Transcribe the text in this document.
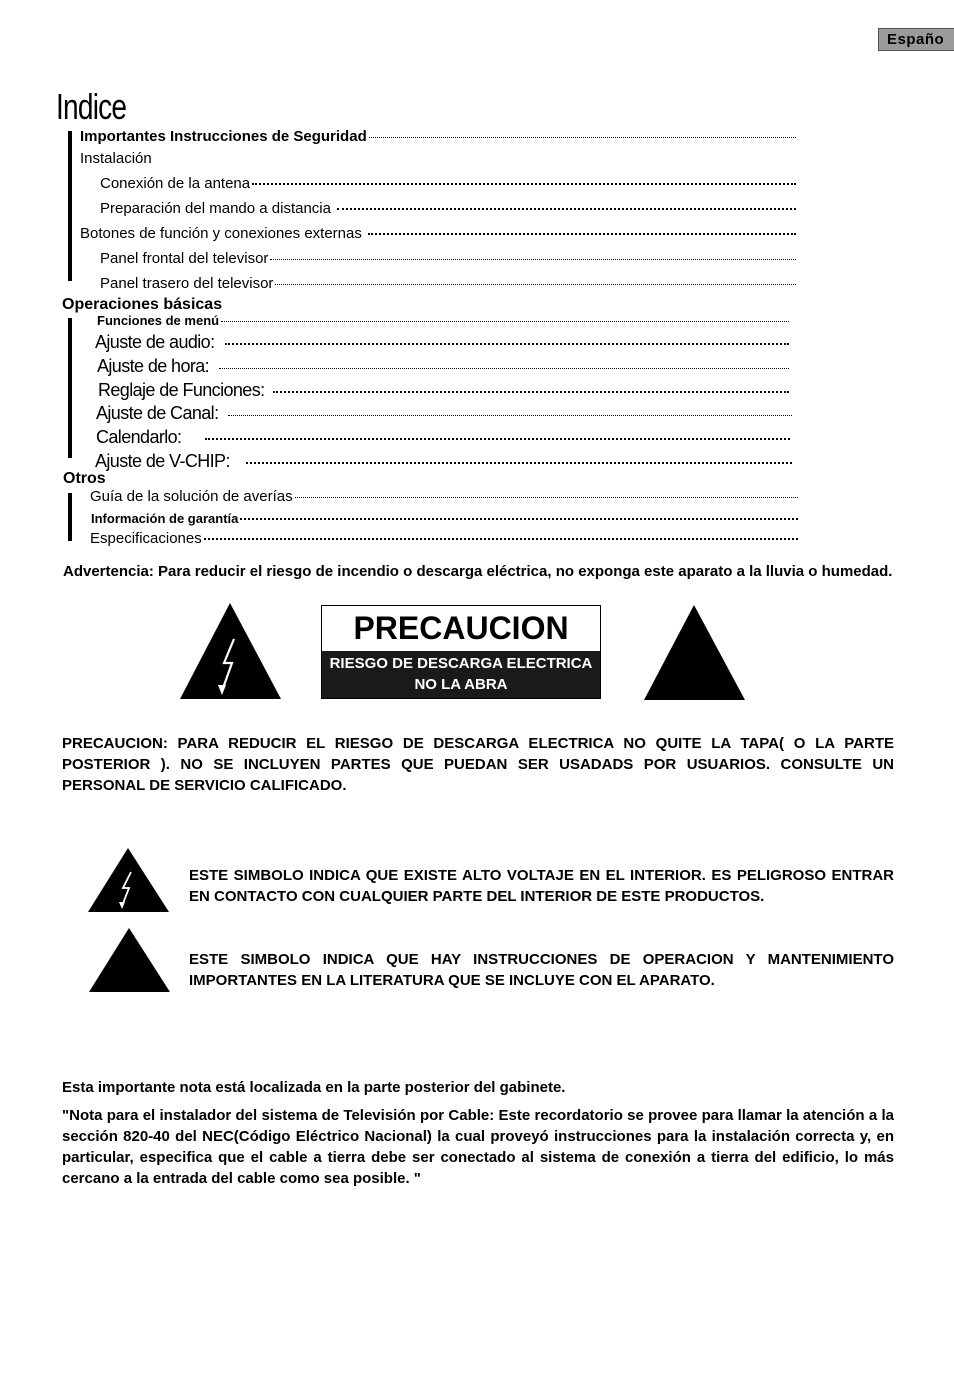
Españo
Indice
Importantes Instrucciones de Seguridad
Instalación
Conexión de la antena
Preparación del mando a distancia
Botones de función y conexiones externas
Panel frontal del televisor
Panel trasero del televisor
Operaciones básicas
Funciones de menú
Ajuste de audio:
Ajuste de hora:
Reglaje de Funciones:
Ajuste de Canal:
Calendarlo:
Ajuste de V-CHIP:
Otros
Guía de la solución de averías
Información de garantía
Especificaciones
Advertencia: Para reducir el riesgo de incendio o descarga eléctrica, no exponga este aparato a la lluvia o humedad.
PRECAUCION
RIESGO DE DESCARGA ELECTRICA
NO LA ABRA
PRECAUCION: PARA REDUCIR EL RIESGO DE DESCARGA ELECTRICA NO QUITE LA TAPA( O LA PARTE POSTERIOR ). NO SE INCLUYEN PARTES QUE PUEDAN SER USADADS POR USUARIOS. CONSULTE UN PERSONAL DE SERVICIO CALIFICADO.
ESTE SIMBOLO INDICA QUE EXISTE ALTO VOLTAJE EN EL INTERIOR. ES PELIGROSO ENTRAR EN CONTACTO CON CUALQUIER PARTE DEL INTERIOR DE ESTE PRODUCTOS.
ESTE SIMBOLO INDICA QUE HAY INSTRUCCIONES DE OPERACION Y MANTENIMIENTO IMPORTANTES EN LA LITERATURA QUE SE INCLUYE CON EL APARATO.
Esta importante nota está localizada en la parte posterior del gabinete.
"Nota para el instalador del sistema de Televisión por Cable: Este recordatorio se provee para llamar la atención a la sección 820-40 del NEC(Código Eléctrico Nacional) la cual proveyó instrucciones para la instalación correcta y, en particular, especifica que el cable a tierra debe ser conectado al sistema de conexión a tierra del edificio, lo más cercano a la entrada del cable como sea posible. "
